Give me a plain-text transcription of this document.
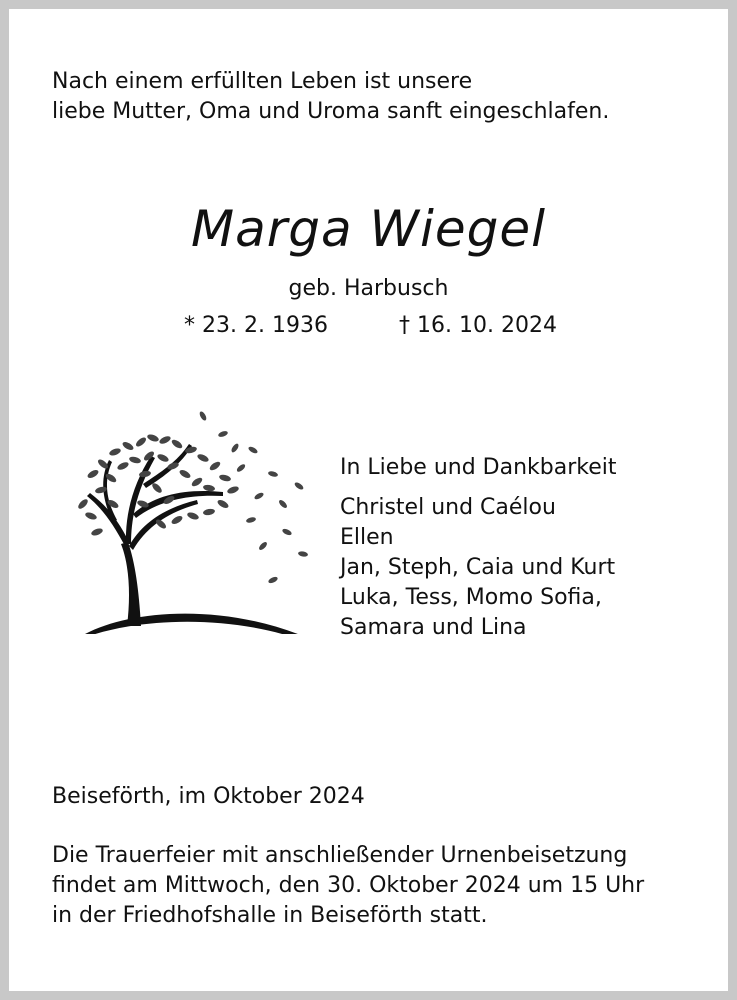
Nach einem erfüllten Leben ist unsere
liebe Mutter, Oma und Uroma sanft eingeschlafen.
Marga Wiegel

geb. Harbusch

* 23. 2. 1936	† 16. 10. 2024
In Liebe und Dankbarkeit
Christel und Caélou
Ellen
Jan, Steph, Caia und Kurt
Luka, Tess, Momo Sofia,
Samara und Lina

Beiseförth, im Oktober 2024

Die Trauerfeier mit anschließender Urnenbeisetzung
findet am Mittwoch, den 30. Oktober 2024 um 15 Uhr
in der Friedhofshalle in Beiseförth statt.
